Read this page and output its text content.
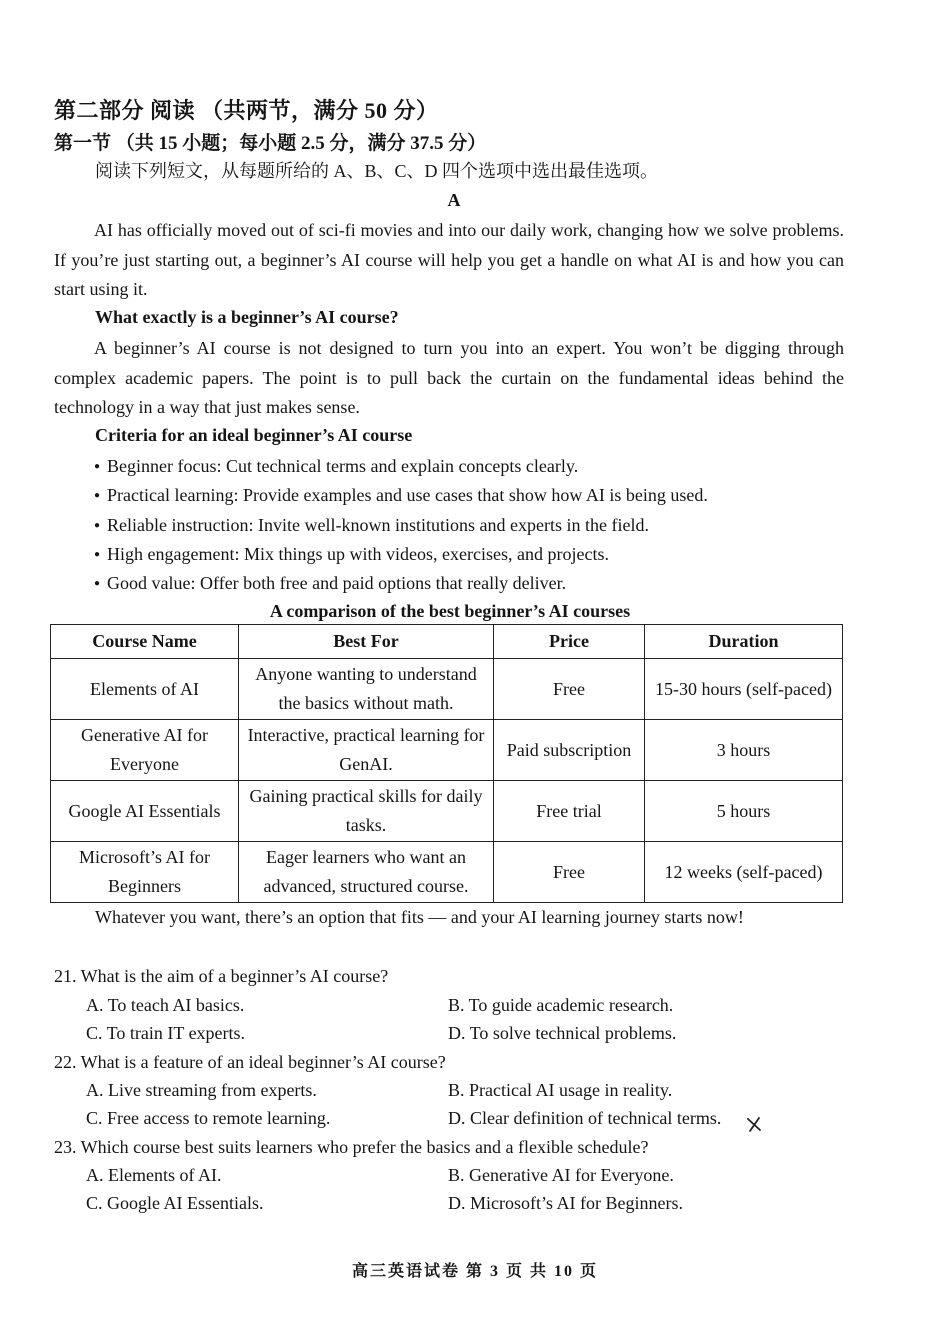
第二部分 阅读 （共两节，满分 50 分）
第一节 （共 15 小题；每小题 2.5 分，满分 37.5 分）
阅读下列短文，从每题所给的 A、B、C、D 四个选项中选出最佳选项。
A
AI has officially moved out of sci-fi movies and into our daily work, changing how we solve problems. If you’re just starting out, a beginner’s AI course will help you get a handle on what AI is and how you can start using it.
What exactly is a beginner’s AI course?
A beginner’s AI course is not designed to turn you into an expert. You won’t be digging through complex academic papers. The point is to pull back the curtain on the fundamental ideas behind the technology in a way that just makes sense.
Criteria for an ideal beginner’s AI course
● Beginner focus: Cut technical terms and explain concepts clearly.
● Practical learning: Provide examples and use cases that show how AI is being used.
● Reliable instruction: Invite well-known institutions and experts in the field.
● High engagement: Mix things up with videos, exercises, and projects.
● Good value: Offer both free and paid options that really deliver.
A comparison of the best beginner’s AI courses
Course Name	Best For	Price	Duration
Elements of AI	Anyone wanting to understand the basics without math.	Free	15-30 hours (self-paced)
Generative AI for Everyone	Interactive, practical learning for GenAI.	Paid subscription	3 hours
Google AI Essentials	Gaining practical skills for daily tasks.	Free trial	5 hours
Microsoft’s AI for Beginners	Eager learners who want an advanced, structured course.	Free	12 weeks (self-paced)
Whatever you want, there’s an option that fits — and your AI learning journey starts now!
21. What is the aim of a beginner’s AI course?
A. To teach AI basics.	B. To guide academic research.
C. To train IT experts.	D. To solve technical problems.
22. What is a feature of an ideal beginner’s AI course?
A. Live streaming from experts.	B. Practical AI usage in reality.
C. Free access to remote learning.	D. Clear definition of technical terms.
23. Which course best suits learners who prefer the basics and a flexible schedule?
A. Elements of AI.	B. Generative AI for Everyone.
C. Google AI Essentials.	D. Microsoft’s AI for Beginners.
高三英语试卷 第 3 页 共 10 页
